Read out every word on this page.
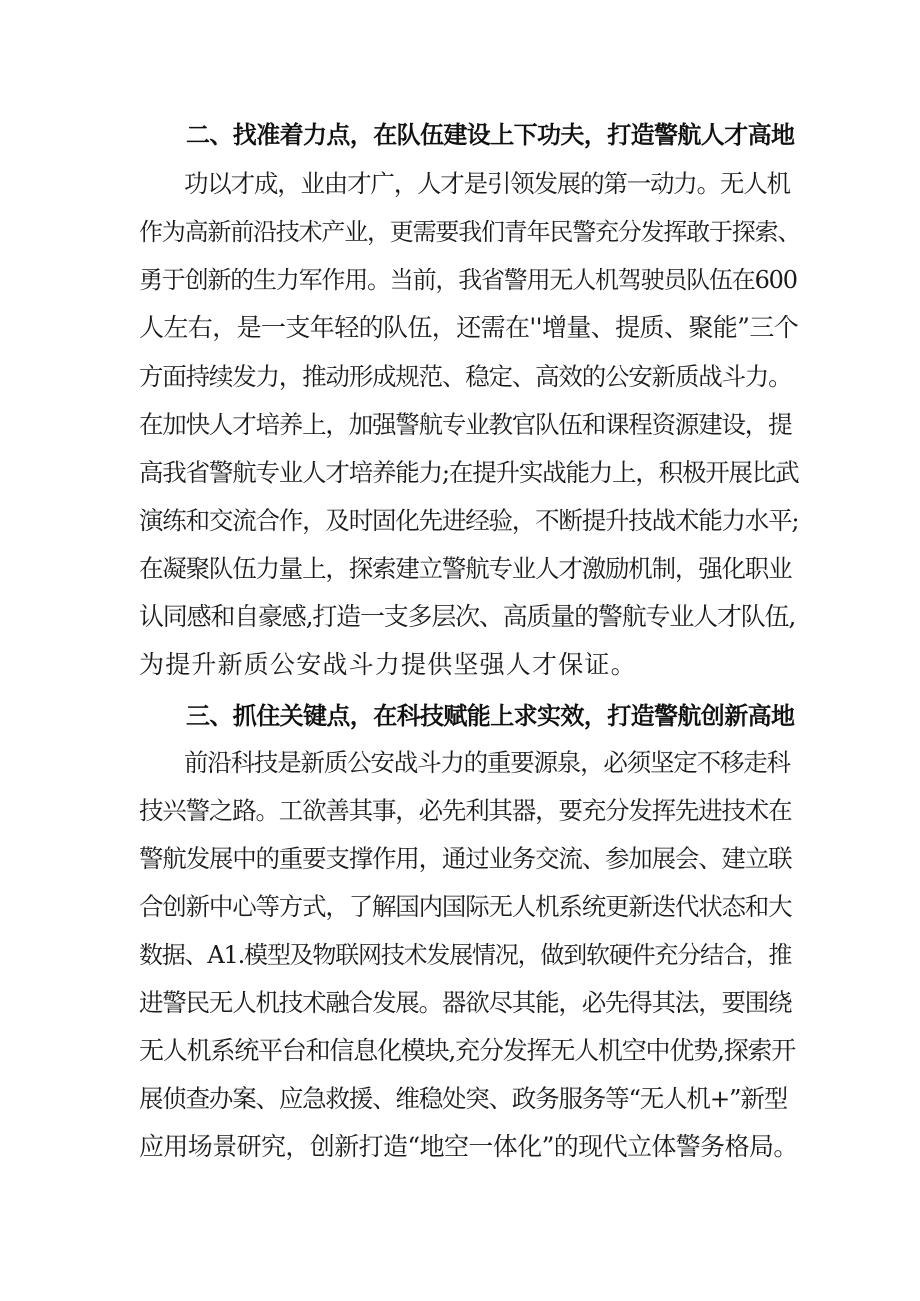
二、找准着力点，在队伍建设上下功夫，打造警航人才高地
功以才成，业由才广，人才是引领发展的第一动力。无人机
作为高新前沿技术产业，更需要我们青年民警充分发挥敢于探索、
勇于创新的生力军作用。当前，我省警用无人机驾驶员队伍在600
人左右，是一支年轻的队伍，还需在''增量、提质、聚能”三个
方面持续发力，推动形成规范、稳定、高效的公安新质战斗力。
在加快人才培养上，加强警航专业教官队伍和课程资源建设，提
高我省警航专业人才培养能力;在提升实战能力上，积极开展比武
演练和交流合作，及时固化先进经验，不断提升技战术能力水平;
在凝聚队伍力量上，探索建立警航专业人才激励机制，强化职业
认同感和自豪感,打造一支多层次、高质量的警航专业人才队伍,
为提升新质公安战斗力提供坚强人才保证。
三、抓住关键点，在科技赋能上求实效，打造警航创新高地
前沿科技是新质公安战斗力的重要源泉，必须坚定不移走科
技兴警之路。工欲善其事，必先利其器，要充分发挥先进技术在
警航发展中的重要支撑作用，通过业务交流、参加展会、建立联
合创新中心等方式，了解国内国际无人机系统更新迭代状态和大
数据、A1.模型及物联网技术发展情况，做到软硬件充分结合，推
进警民无人机技术融合发展。器欲尽其能，必先得其法，要围绕
无人机系统平台和信息化模块,充分发挥无人机空中优势,探索开
展侦查办案、应急救援、维稳处突、政务服务等“无人机+”新型
应用场景研究，创新打造“地空一体化”的现代立体警务格局。
